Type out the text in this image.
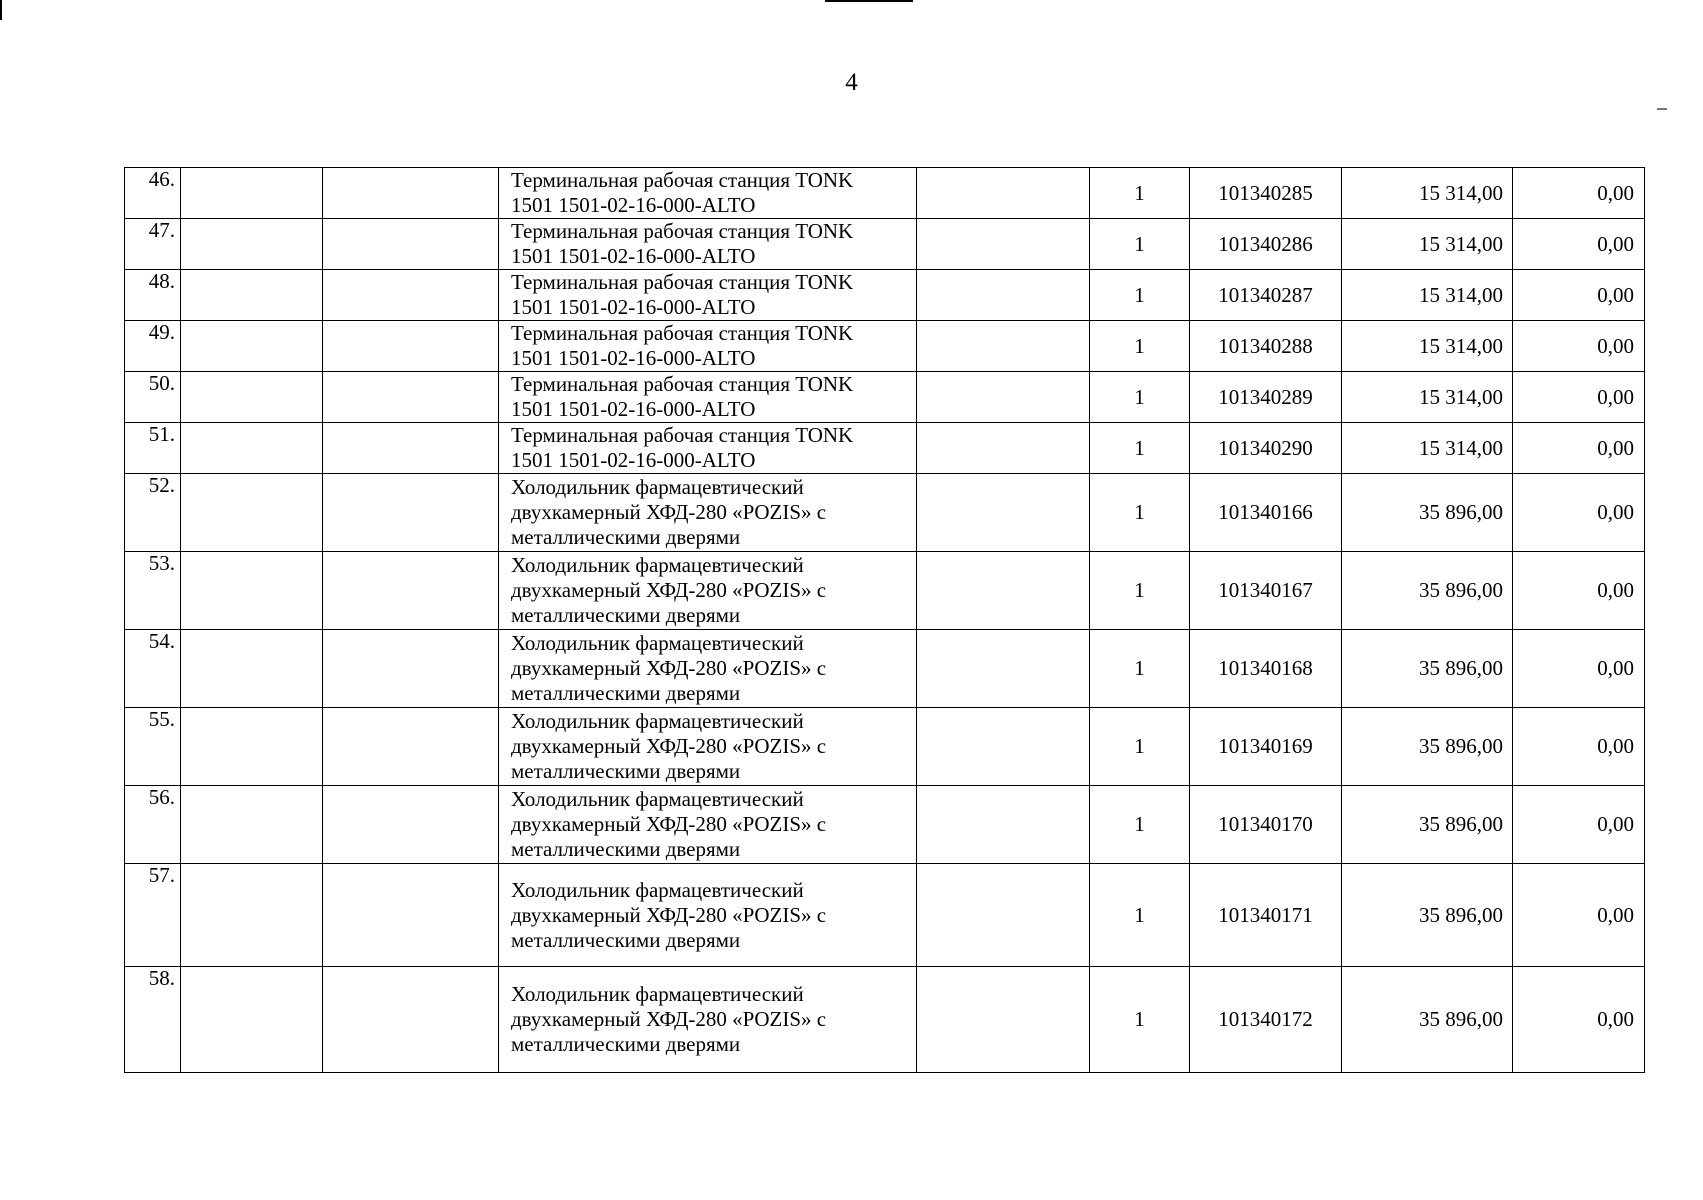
4
46.			Терминальная рабочая станция TONK
1501 1501-02-16-000-ALTO		1	101340285	15 314,00	0,00
47.			Терминальная рабочая станция TONK
1501 1501-02-16-000-ALTO		1	101340286	15 314,00	0,00
48.			Терминальная рабочая станция TONK
1501 1501-02-16-000-ALTO		1	101340287	15 314,00	0,00
49.			Терминальная рабочая станция TONK
1501 1501-02-16-000-ALTO		1	101340288	15 314,00	0,00
50.			Терминальная рабочая станция TONK
1501 1501-02-16-000-ALTO		1	101340289	15 314,00	0,00
51.			Терминальная рабочая станция TONK
1501 1501-02-16-000-ALTO		1	101340290	15 314,00	0,00
52.			Холодильник фармацевтический
двухкамерный ХФД-280 «POZIS» с
металлическими дверями		1	101340166	35 896,00	0,00
53.			Холодильник фармацевтический
двухкамерный ХФД-280 «POZIS» с
металлическими дверями		1	101340167	35 896,00	0,00
54.			Холодильник фармацевтический
двухкамерный ХФД-280 «POZIS» с
металлическими дверями		1	101340168	35 896,00	0,00
55.			Холодильник фармацевтический
двухкамерный ХФД-280 «POZIS» с
металлическими дверями		1	101340169	35 896,00	0,00
56.			Холодильник фармацевтический
двухкамерный ХФД-280 «POZIS» с
металлическими дверями		1	101340170	35 896,00	0,00
57.			Холодильник фармацевтический
двухкамерный ХФД-280 «POZIS» с
металлическими дверями		1	101340171	35 896,00	0,00
58.			Холодильник фармацевтический
двухкамерный ХФД-280 «POZIS» с
металлическими дверями		1	101340172	35 896,00	0,00
